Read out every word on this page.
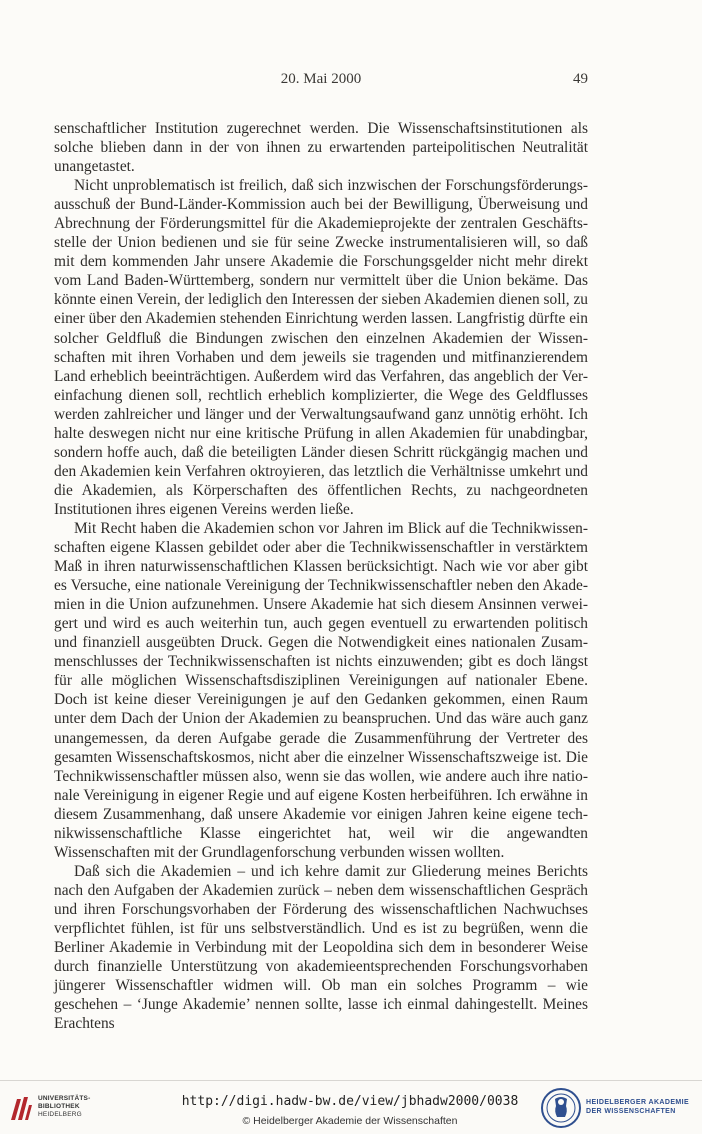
20. Mai 2000	49

senschaftlicher Institution zugerechnet werden. Die Wissenschaftsinstitutionen als solche blieben dann in der von ihnen zu erwartenden parteipolitischen Neutralität unangetastet.

Nicht unproblematisch ist freilich, daß sich inzwischen der Forschungsförderungs-ausschuß der Bund-Länder-Kommission auch bei der Bewilligung, Überweisung und Abrechnung der Förderungsmittel für die Akademieprojekte der zentralen Geschäfts-stelle der Union bedienen und sie für seine Zwecke instrumentalisieren will, so daß mit dem kommenden Jahr unsere Akademie die Forschungsgelder nicht mehr direkt vom Land Baden-Württemberg, sondern nur vermittelt über die Union bekäme. Das könnte einen Verein, der lediglich den Interessen der sieben Akademien dienen soll, zu einer über den Akademien stehenden Einrichtung werden lassen. Langfristig dürfte ein solcher Geldfluß die Bindungen zwischen den einzelnen Akademien der Wissen-schaften mit ihren Vorhaben und dem jeweils sie tragenden und mitfinanzierendem Land erheblich beeinträchtigen. Außerdem wird das Verfahren, das angeblich der Ver-einfachung dienen soll, rechtlich erheblich komplizierter, die Wege des Geldflusses werden zahlreicher und länger und der Verwaltungsaufwand ganz unnötig erhöht. Ich halte deswegen nicht nur eine kritische Prüfung in allen Akademien für unabdingbar, sondern hoffe auch, daß die beteiligten Länder diesen Schritt rückgängig machen und den Akademien kein Verfahren oktroyieren, das letztlich die Verhältnisse umkehrt und die Akademien, als Körperschaften des öffentlichen Rechts, zu nachgeordneten Institutionen ihres eigenen Vereins werden ließe.

Mit Recht haben die Akademien schon vor Jahren im Blick auf die Technikwissen-schaften eigene Klassen gebildet oder aber die Technikwissenschaftler in verstärktem Maß in ihren naturwissenschaftlichen Klassen berücksichtigt. Nach wie vor aber gibt es Versuche, eine nationale Vereinigung der Technikwissenschaftler neben den Akade-mien in die Union aufzunehmen. Unsere Akademie hat sich diesem Ansinnen verwei-gert und wird es auch weiterhin tun, auch gegen eventuell zu erwartenden politisch und finanziell ausgeübten Druck. Gegen die Notwendigkeit eines nationalen Zusam-menschlusses der Technikwissenschaften ist nichts einzuwenden; gibt es doch längst für alle möglichen Wissenschaftsdisziplinen Vereinigungen auf nationaler Ebene. Doch ist keine dieser Vereinigungen je auf den Gedanken gekommen, einen Raum unter dem Dach der Union der Akademien zu beanspruchen. Und das wäre auch ganz unangemessen, da deren Aufgabe gerade die Zusammenführung der Vertreter des gesamten Wissenschaftskosmos, nicht aber die einzelner Wissenschaftszweige ist. Die Technikwissenschaftler müssen also, wenn sie das wollen, wie andere auch ihre natio-nale Vereinigung in eigener Regie und auf eigene Kosten herbeiführen. Ich erwähne in diesem Zusammenhang, daß unsere Akademie vor einigen Jahren keine eigene tech-nikwissenschaftliche Klasse eingerichtet hat, weil wir die angewandten Wissenschaften mit der Grundlagenforschung verbunden wissen wollten.

Daß sich die Akademien – und ich kehre damit zur Gliederung meines Berichts nach den Aufgaben der Akademien zurück – neben dem wissenschaftlichen Gespräch und ihren Forschungsvorhaben der Förderung des wissenschaftlichen Nachwuchses verpflichtet fühlen, ist für uns selbstverständlich. Und es ist zu begrüßen, wenn die Berliner Akademie in Verbindung mit der Leopoldina sich dem in besonderer Weise durch finanzielle Unterstützung von akademieentsprechenden Forschungsvorhaben jüngerer Wissenschaftler widmen will. Ob man ein solches Programm – wie geschehen – ‘Junge Akademie’ nennen sollte, lasse ich einmal dahingestellt. Meines Erachtens

UNIVERSITÄTS-
BIBLIOTHEK
HEIDELBERG
http://digi.hadw-bw.de/view/jbhadw2000/0038
© Heidelberger Akademie der Wissenschaften
HEIDELBERGER AKADEMIE
DER WISSENSCHAFTEN
